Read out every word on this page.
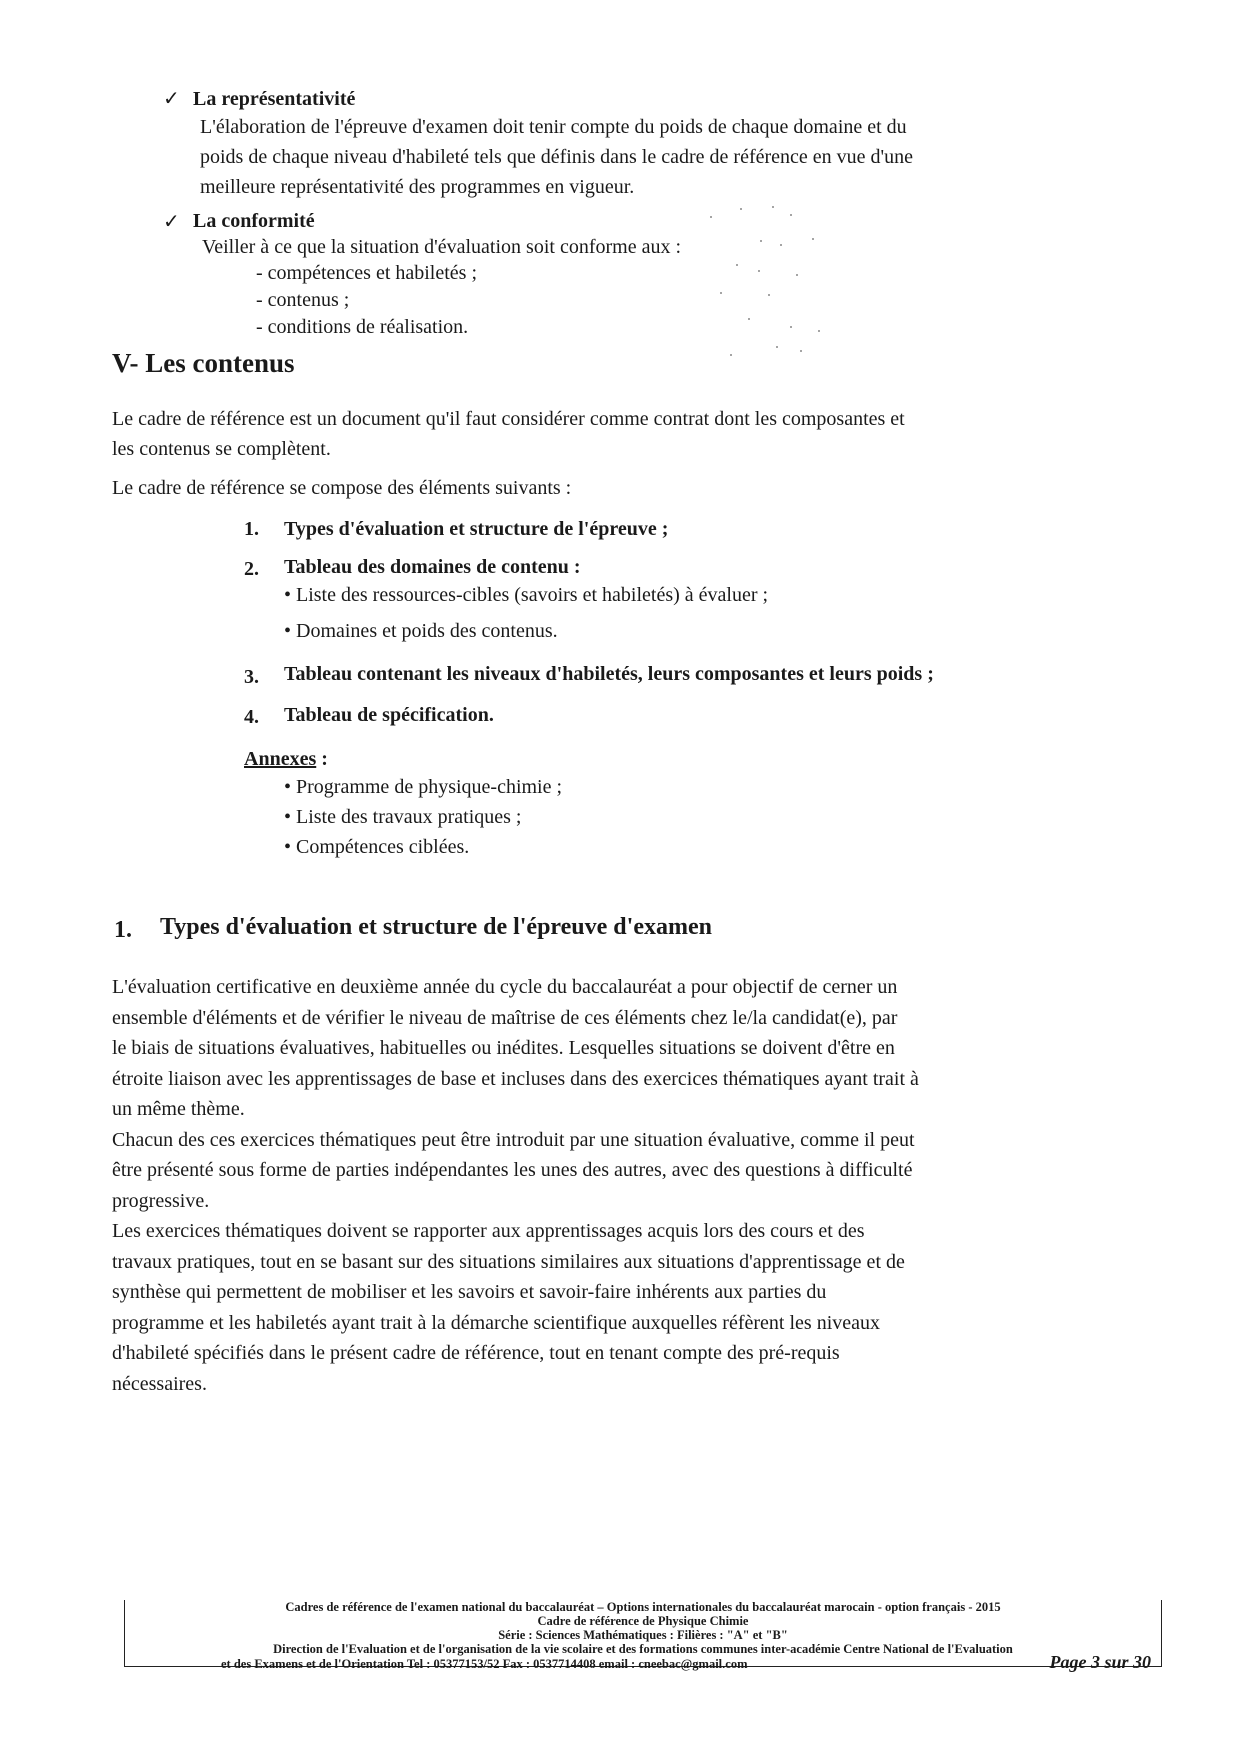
✓ La représentativité
L'élaboration de l'épreuve d'examen doit tenir compte du poids de chaque domaine et du
poids de chaque niveau d'habileté tels que définis dans le cadre de référence en vue d'une
meilleure représentativité des programmes en vigueur.
✓ La conformité
Veiller à ce que la situation d'évaluation soit conforme aux :
- compétences et habiletés ;
- contenus ;
- conditions de réalisation.
V- Les contenus
Le cadre de référence est un document qu'il faut considérer comme contrat dont les composantes et
les contenus se complètent.
Le cadre de référence se compose des éléments suivants :
1. Types d'évaluation et structure de l'épreuve ;
2. Tableau des domaines de contenu :
• Liste des ressources-cibles (savoirs et habiletés) à évaluer ;
• Domaines et poids des contenus.
3. Tableau contenant les niveaux d'habiletés, leurs composantes et leurs poids ;
4. Tableau de spécification.
Annexes :
• Programme de physique-chimie ;
• Liste des travaux pratiques ;
• Compétences ciblées.
1. Types d'évaluation et structure de l'épreuve d'examen
L'évaluation certificative en deuxième année du cycle du baccalauréat a pour objectif de cerner un
ensemble d'éléments et de vérifier le niveau de maîtrise de ces éléments chez le/la candidat(e), par
le biais de situations évaluatives, habituelles ou inédites. Lesquelles situations se doivent d'être en
étroite liaison avec les apprentissages de base et incluses dans des exercices thématiques ayant trait à
un même thème.
Chacun des ces exercices thématiques peut être introduit par une situation évaluative, comme il peut
être présenté sous forme de parties indépendantes les unes des autres, avec des questions à difficulté
progressive.
Les exercices thématiques doivent se rapporter aux apprentissages acquis lors des cours et des
travaux pratiques, tout en se basant sur des situations similaires aux situations d'apprentissage et de
synthèse qui permettent de mobiliser et les savoirs et savoir-faire inhérents aux parties du
programme et les habiletés ayant trait à la démarche scientifique auxquelles réfèrent les niveaux
d'habileté spécifiés dans le présent cadre de référence, tout en tenant compte des pré-requis
nécessaires.
Cadres de référence de l'examen national du baccalauréat – Options internationales du baccalauréat marocain - option français - 2015
Cadre de référence de Physique Chimie
Série : Sciences Mathématiques : Filières : "A" et "B"
Direction de l'Evaluation et de l'organisation de la vie scolaire et des formations communes inter-académie Centre National de l'Evaluation
et des Examens et de l'Orientation Tel : 05377153/52 Fax : 0537714408 email : cneebac@gmail.com	Page 3 sur 30
